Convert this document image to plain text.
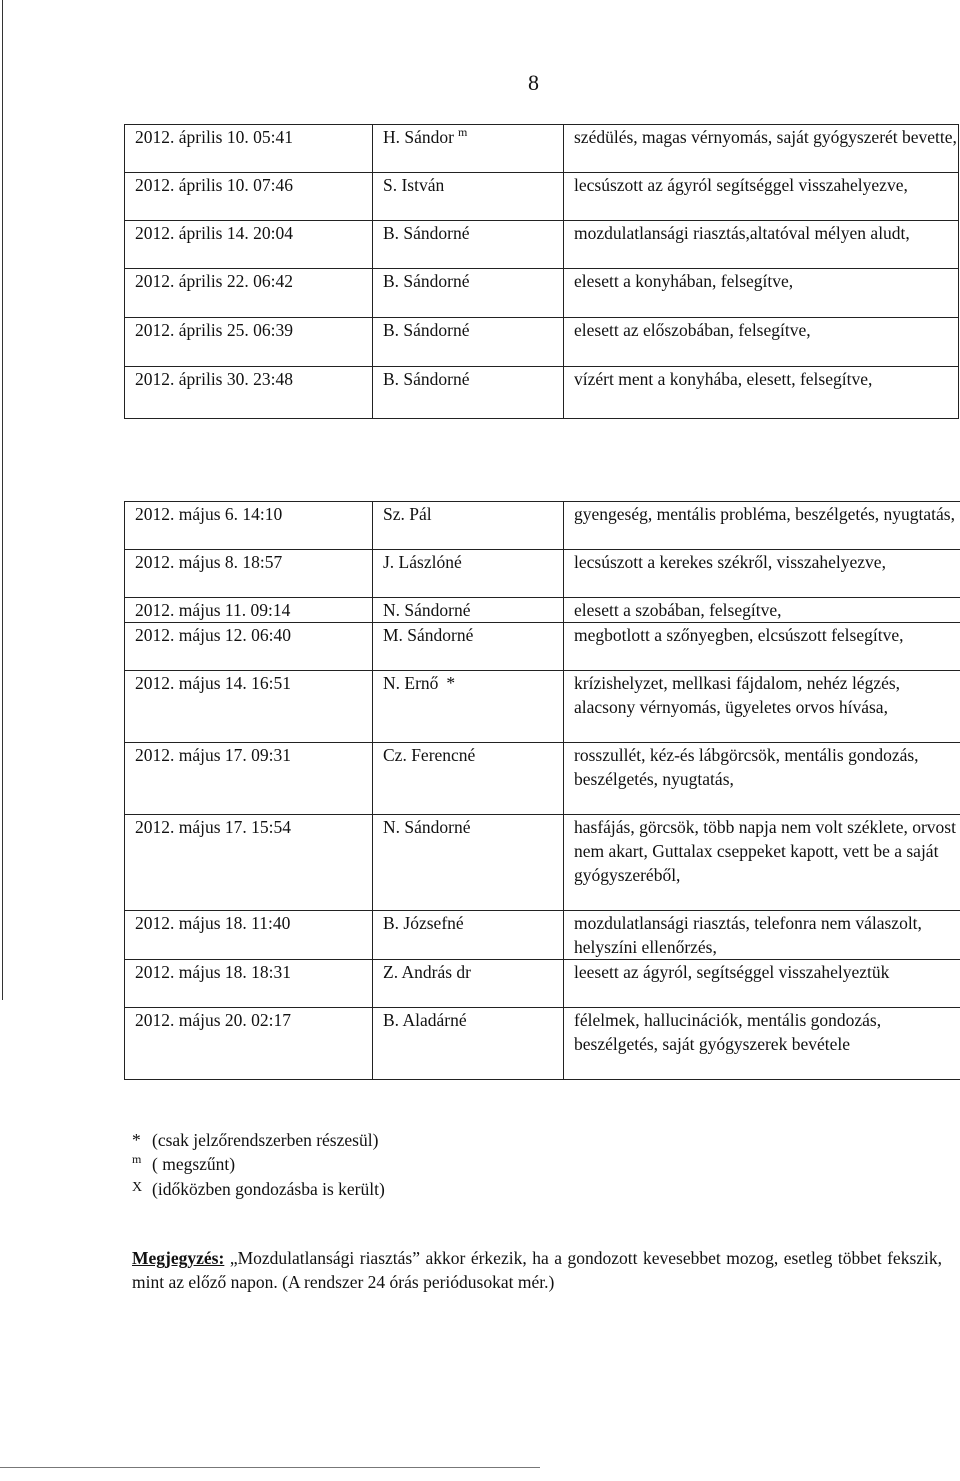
8
2012. április 10. 05:41	H. Sándor $^m$	szédülés, magas vérnyomás, saját gyógyszerét bevette,
2012. április 10. 07:46	S. István	lecsúszott az ágyról segítséggel visszahelyezve,
2012. április 14. 20:04	B. Sándorné	mozdulatlansági riasztás,altatóval mélyen aludt,
2012. április 22. 06:42	B. Sándorné	elesett a konyhában, felsegítve,
2012. április 25. 06:39	B. Sándorné	elesett az előszobában, felsegítve,
2012. április 30. 23:48	B. Sándorné	vízért ment a konyhába, elesett, felsegítve,
2012. május 6. 14:10	Sz. Pál	gyengeség, mentális probléma, beszélgetés, nyugtatás,
2012. május 8. 18:57	J. Lászlóné	lecsúszott a kerekes székről, visszahelyezve,
2012. május 11. 09:14	N. Sándorné	elesett a szobában, felsegítve,
2012. május 12. 06:40	M. Sándorné	megbotlott a szőnyegben, elcsúszott felsegítve,
2012. május 14. 16:51	N. Ernő *	krízishelyzet, mellkasi fájdalom, nehéz légzés, alacsony vérnyomás, ügyeletes orvos hívása,
2012. május 17. 09:31	Cz. Ferencné	rosszullét, kéz-és lábgörcsök, mentális gondozás, beszélgetés, nyugtatás,
2012. május 17. 15:54	N. Sándorné	hasfájás, görcsök, több napja nem volt széklete, orvost nem akart, Guttalax cseppeket kapott, vett be a saját gyógyszeréből,
2012. május 18. 11:40	B. Józsefné	mozdulatlansági riasztás, telefonra nem válaszolt, helyszíni ellenőrzés,
2012. május 18. 18:31	Z. András dr	leesett az ágyról, segítséggel visszahelyeztük
2012. május 20. 02:17	B. Aladárné	félelmek, hallucinációk, mentális gondozás, beszélgetés, saját gyógyszerek bevétele
* (csak jelzőrendszerben részesül)
$^m$ ( megszűnt)
X (időközben gondozásba is került)
Megjegyzés: „Mozdulatlansági riasztás” akkor érkezik, ha a gondozott kevesebbet mozog, esetleg többet fekszik, mint az előző napon. (A rendszer 24 órás periódusokat mér.)
